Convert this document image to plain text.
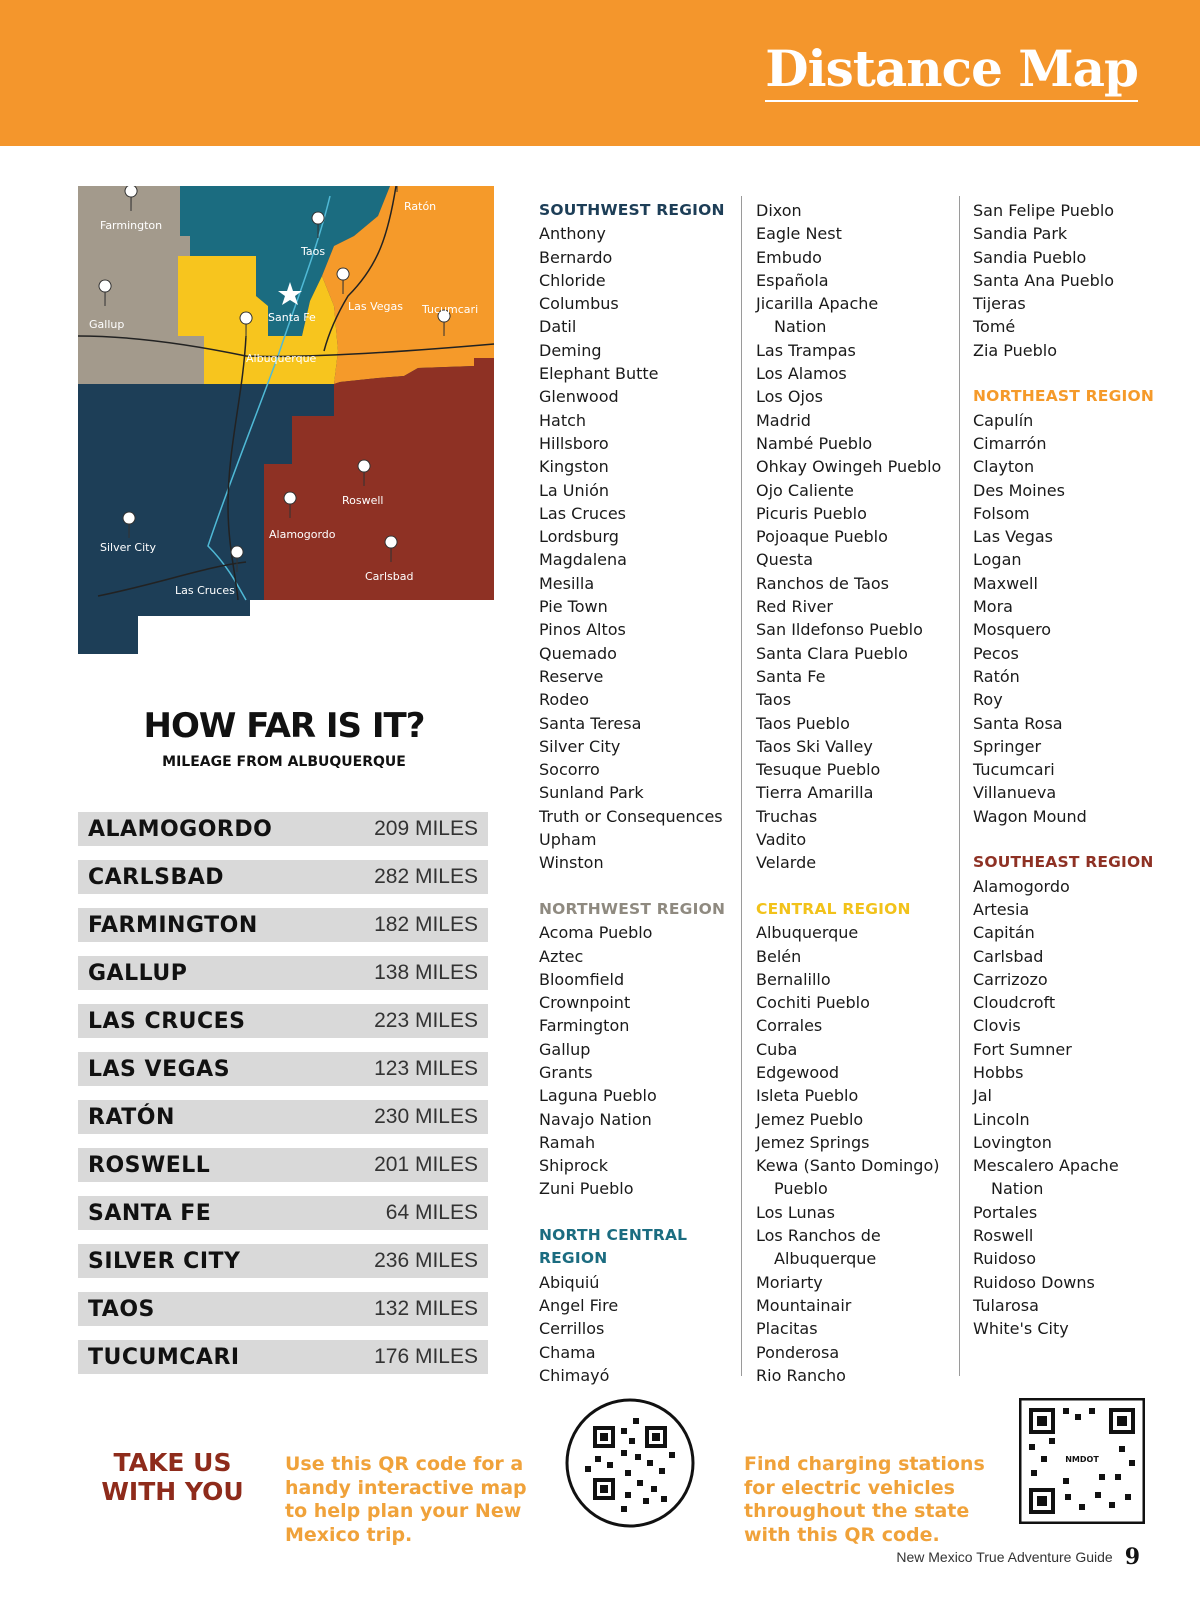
Distance Map
Farmington
Gallup
Taos
Santa Fe
Albuquerque
Ratón
Las Vegas Tucumcari
Roswell
Alamogordo
Silver City
Carlsbad
Las Cruces
HOW FAR IS IT?
MILEAGE FROM ALBUQUERQUE
ALAMOGORDO	209 MILES
CARLSBAD	282 MILES
FARMINGTON	182 MILES
GALLUP	138 MILES
LAS CRUCES	223 MILES
LAS VEGAS	123 MILES
RATÓN	230 MILES
ROSWELL	201 MILES
SANTA FE	64 MILES
SILVER CITY	236 MILES
TAOS	132 MILES
TUCUMCARI	176 MILES
SOUTHWEST REGION
Anthony
Bernardo
Chloride
Columbus
Datil
Deming
Elephant Butte
Glenwood
Hatch
Hillsboro
Kingston
La Unión
Las Cruces
Lordsburg
Magdalena
Mesilla
Pie Town
Pinos Altos
Quemado
Reserve
Rodeo
Santa Teresa
Silver City
Socorro
Sunland Park
Truth or Consequences
Upham
Winston
NORTHWEST REGION
Acoma Pueblo
Aztec
Bloomfield
Crownpoint
Farmington
Gallup
Grants
Laguna Pueblo
Navajo Nation
Ramah
Shiprock
Zuni Pueblo
NORTH CENTRAL
REGION
Abiquiú
Angel Fire
Cerrillos
Chama
Chimayó
Dixon
Eagle Nest
Embudo
Española
Jicarilla Apache
Nation
Las Trampas
Los Alamos
Los Ojos
Madrid
Nambé Pueblo
Ohkay Owingeh Pueblo
Ojo Caliente
Picuris Pueblo
Pojoaque Pueblo
Questa
Ranchos de Taos
Red River
San Ildefonso Pueblo
Santa Clara Pueblo
Santa Fe
Taos
Taos Pueblo
Taos Ski Valley
Tesuque Pueblo
Tierra Amarilla
Truchas
Vadito
Velarde
CENTRAL REGION
Albuquerque
Belén
Bernalillo
Cochiti Pueblo
Corrales
Cuba
Edgewood
Isleta Pueblo
Jemez Pueblo
Jemez Springs
Kewa (Santo Domingo)
Pueblo
Los Lunas
Los Ranchos de
Albuquerque
Moriarty
Mountainair
Placitas
Ponderosa
Rio Rancho
San Felipe Pueblo
Sandia Park
Sandia Pueblo
Santa Ana Pueblo
Tijeras
Tomé
Zia Pueblo
NORTHEAST REGION
Capulín
Cimarrón
Clayton
Des Moines
Folsom
Las Vegas
Logan
Maxwell
Mora
Mosquero
Pecos
Ratón
Roy
Santa Rosa
Springer
Tucumcari
Villanueva
Wagon Mound
SOUTHEAST REGION
Alamogordo
Artesia
Capitán
Carlsbad
Carrizozo
Cloudcroft
Clovis
Fort Sumner
Hobbs
Jal
Lincoln
Lovington
Mescalero Apache
Nation
Portales
Roswell
Ruidoso
Ruidoso Downs
Tularosa
White's City
TAKE US
WITH YOU
Use this QR code for a handy interactive map to help plan your New Mexico trip.
Find charging stations for electric vehicles throughout the state with this QR code.
NMDOT
New Mexico True Adventure Guide 9
